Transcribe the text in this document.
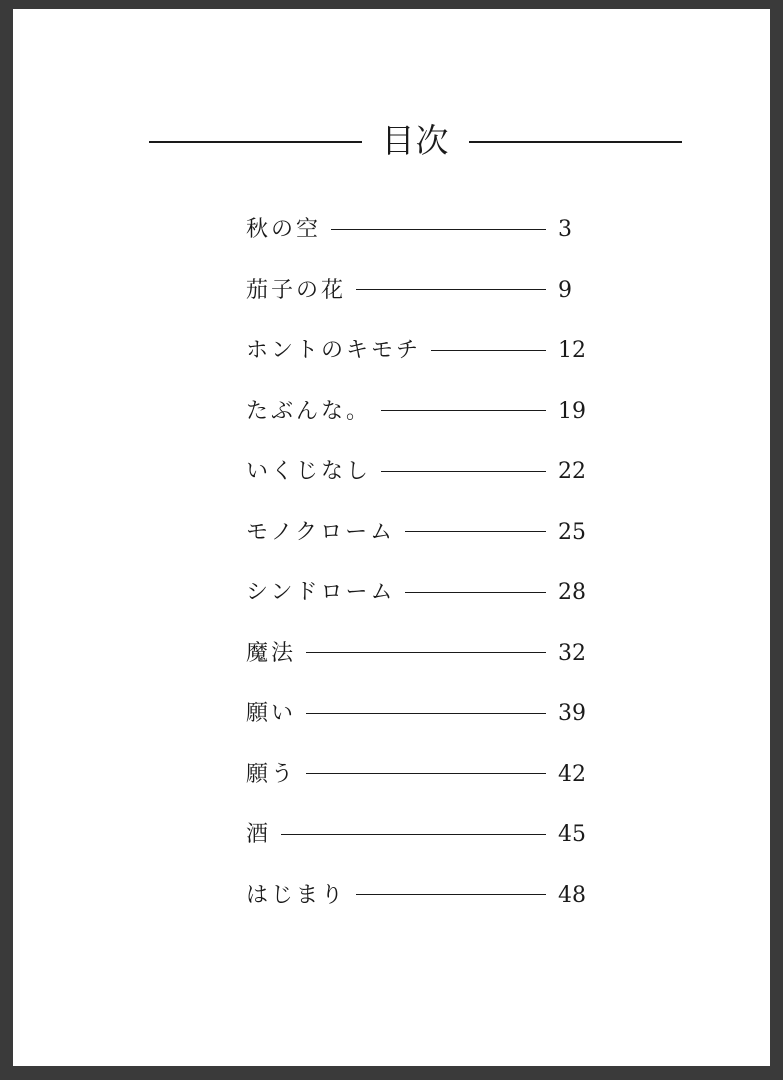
目次
秋の空	3
茄子の花	9
ホントのキモチ	12
たぶんな。	19
いくじなし	22
モノクローム	25
シンドローム	28
魔法	32
願い	39
願う	42
酒	45
はじまり	48
